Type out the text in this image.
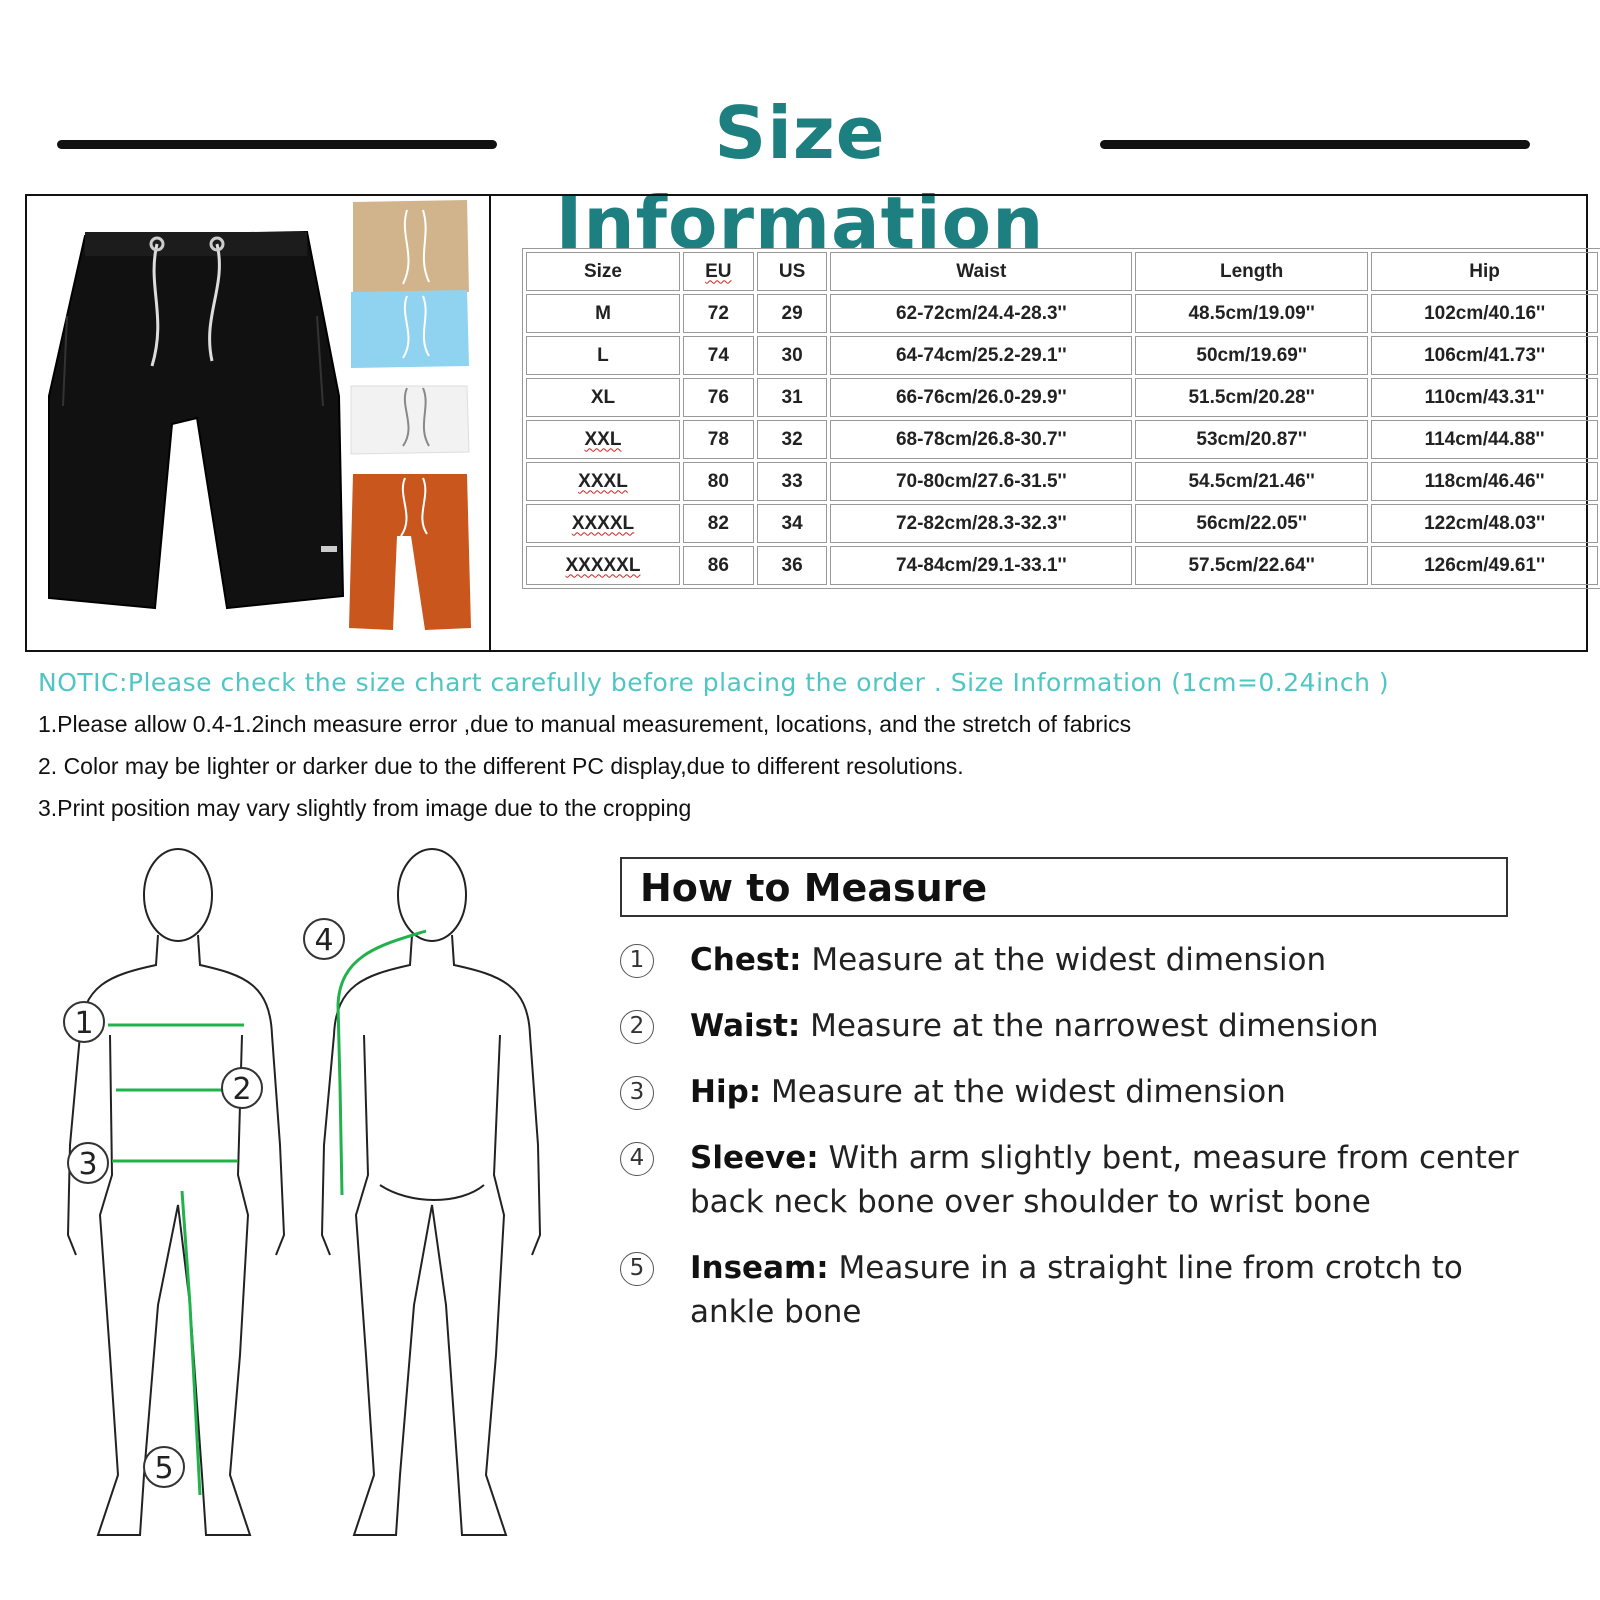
Size Information
Size	EU	US	Waist	Length	Hip
M	72	29	62-72cm/24.4-28.3''	48.5cm/19.09''	102cm/40.16''
L	74	30	64-74cm/25.2-29.1''	50cm/19.69''	106cm/41.73''
XL	76	31	66-76cm/26.0-29.9''	51.5cm/20.28''	110cm/43.31''
XXL	78	32	68-78cm/26.8-30.7''	53cm/20.87''	114cm/44.88''
XXXL	80	33	70-80cm/27.6-31.5''	54.5cm/21.46''	118cm/46.46''
XXXXL	82	34	72-82cm/28.3-32.3''	56cm/22.05''	122cm/48.03''
XXXXXL	86	36	74-84cm/29.1-33.1''	57.5cm/22.64''	126cm/49.61''
NOTIC:Please check the size chart carefully before placing the order . Size Information (1cm=0.24inch )
1.Please allow 0.4-1.2inch measure error ,due to manual measurement, locations, and the stretch of fabrics
2. Color may be lighter or darker due to the different PC display,due to different resolutions.
3.Print position may vary slightly from image due to the cropping
1
2
3
4
5
How to Measure
1	Chest: Measure at the widest dimension
2	Waist: Measure at the narrowest dimension
3	Hip: Measure at the widest dimension
4	Sleeve: With arm slightly bent, measure from center back neck bone over shoulder to wrist bone
5	Inseam: Measure in a straight line from crotch to ankle bone
